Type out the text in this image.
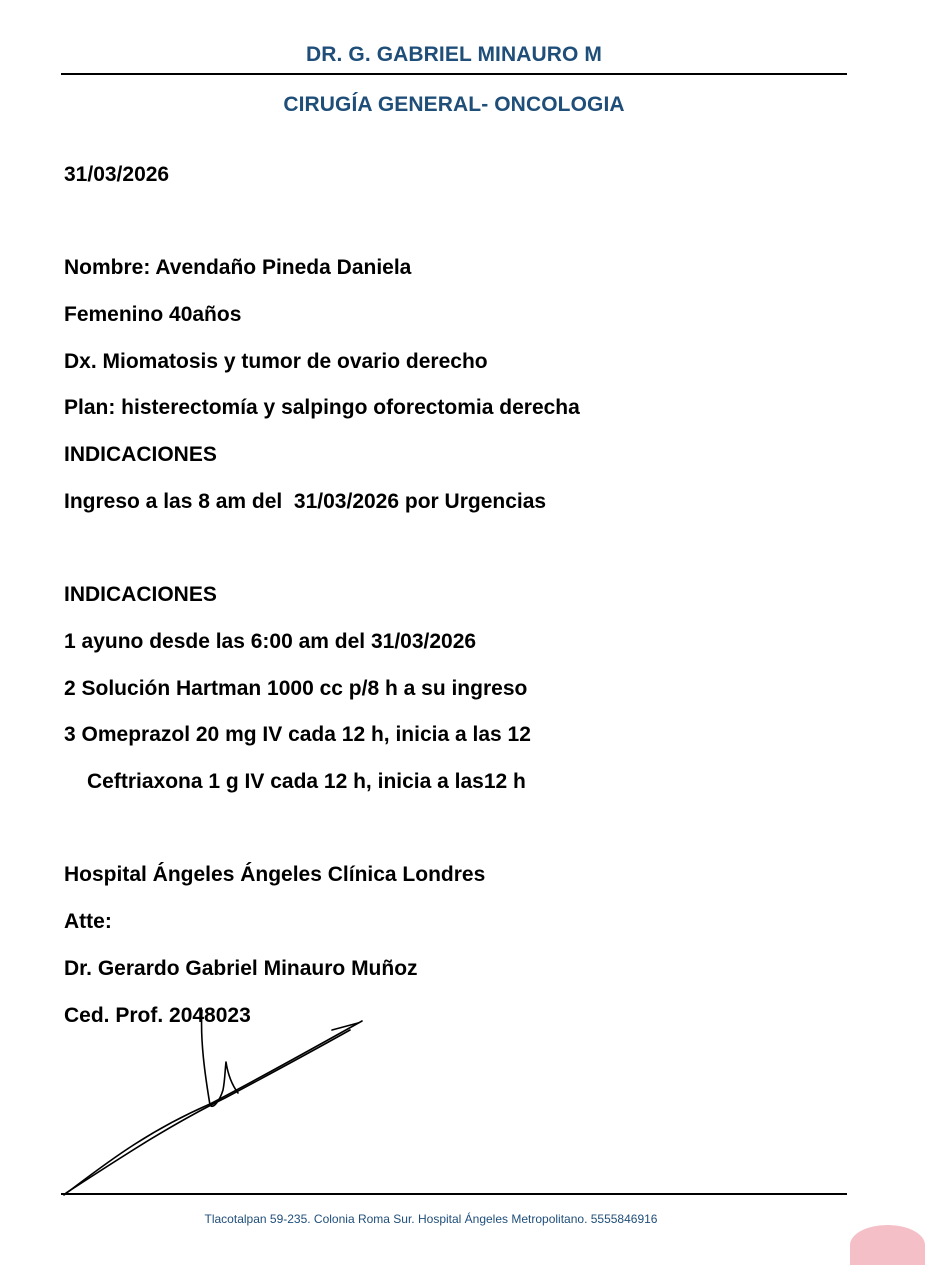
DR. G. GABRIEL MINAURO M
CIRUGÍA GENERAL- ONCOLOGIA
31/03/2026
Nombre: Avendaño Pineda Daniela
Femenino 40años
Dx. Miomatosis y tumor de ovario derecho
Plan: histerectomía y salpingo oforectomia derecha
INDICACIONES
Ingreso a las 8 am del  31/03/2026 por Urgencias
INDICACIONES
1 ayuno desde las 6:00 am del 31/03/2026
2 Solución Hartman 1000 cc p/8 h a su ingreso
3 Omeprazol 20 mg IV cada 12 h, inicia a las 12
Ceftriaxona 1 g IV cada 12 h, inicia a las12 h
Hospital Ángeles Ángeles Clínica Londres
Atte:
Dr. Gerardo Gabriel Minauro Muñoz
Ced. Prof. 2048023
Tlacotalpan 59-235. Colonia Roma Sur. Hospital Ángeles Metropolitano. 5555846916
